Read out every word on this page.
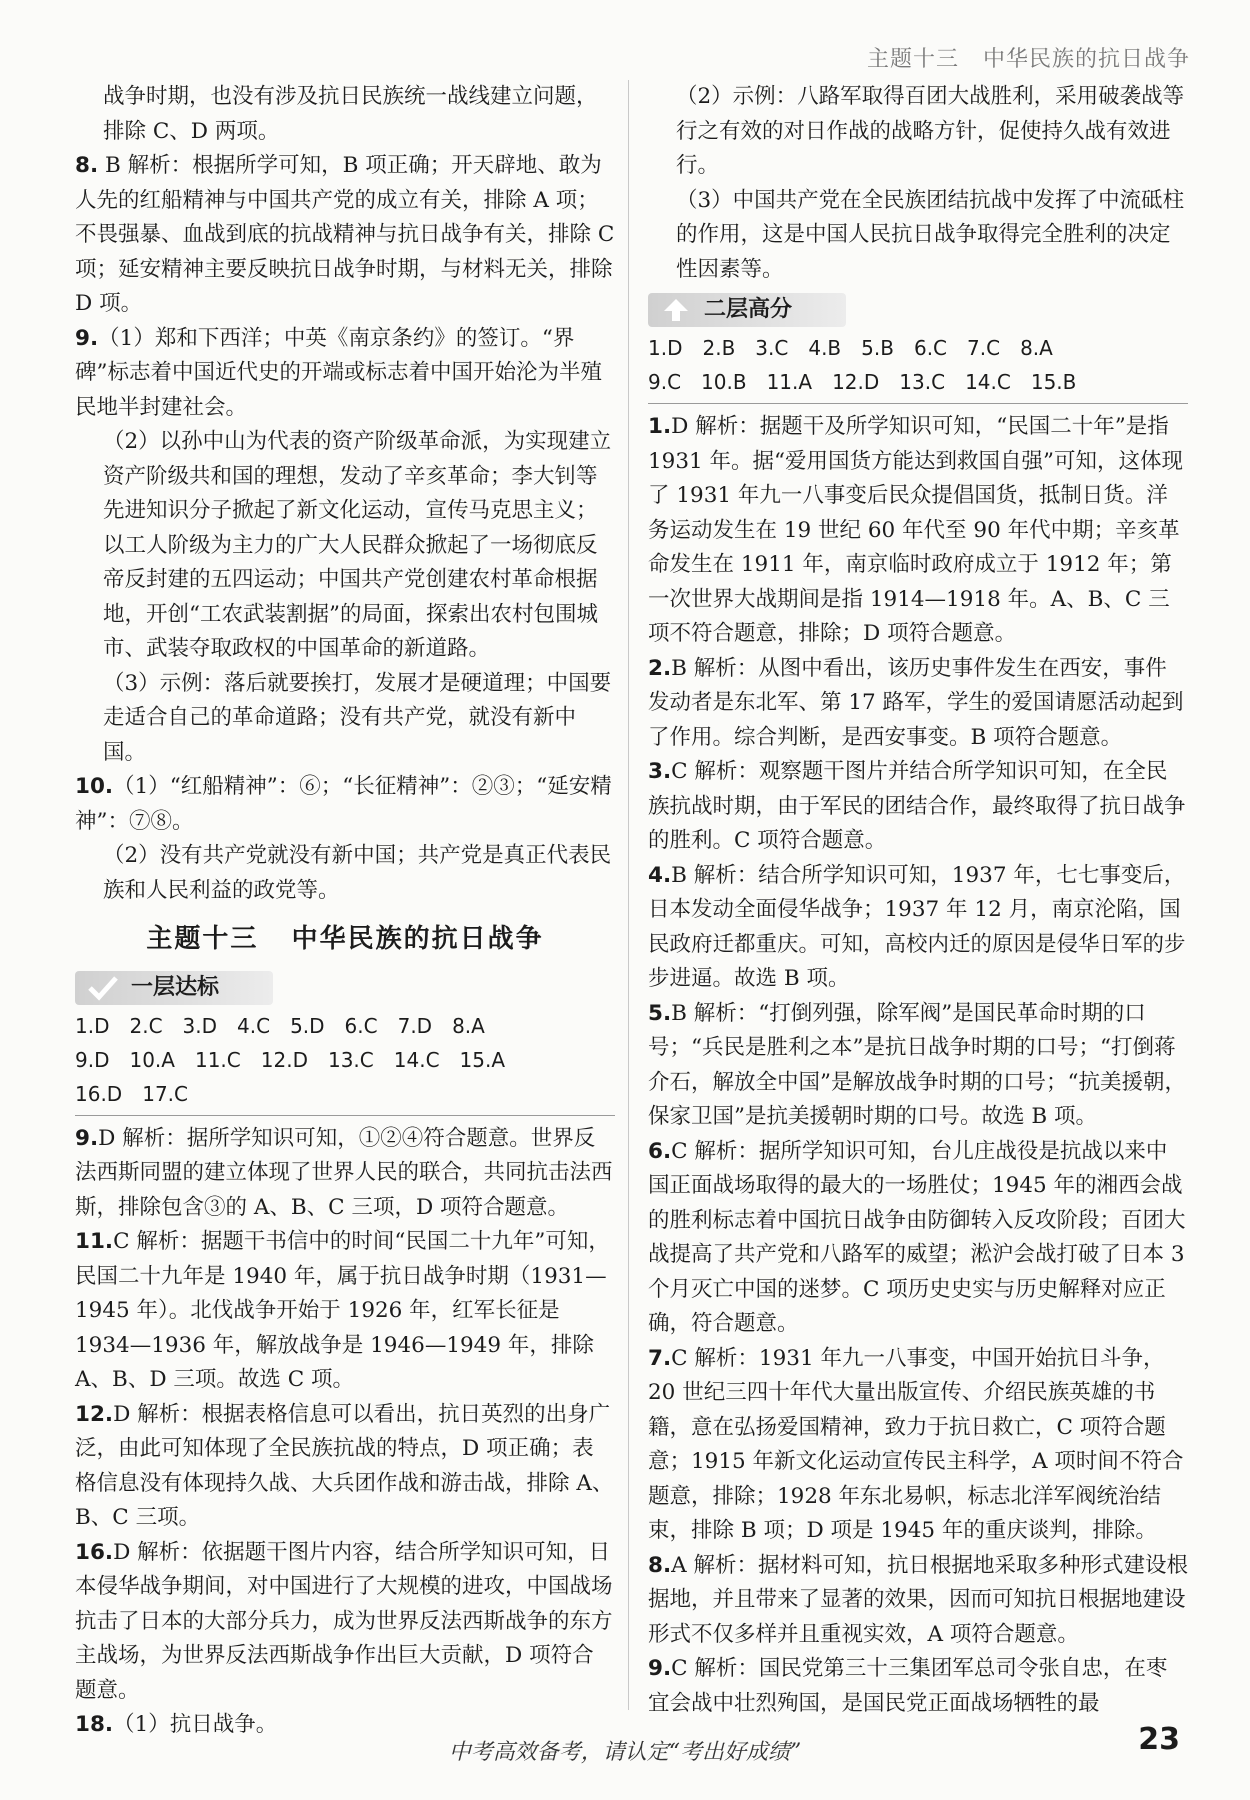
主题十三   中华民族的抗日战争

战争时期，也没有涉及抗日民族统一战线建立问题，排除 C、D 两项。

8. B 解析：根据所学可知，B 项正确；开天辟地、敢为人先的红船精神与中国共产党的成立有关，排除 A 项；不畏强暴、血战到底的抗战精神与抗日战争有关，排除 C 项；延安精神主要反映抗日战争时期，与材料无关，排除 D 项。

9.（1）郑和下西洋；中英《南京条约》的签订。“界碑”标志着中国近代史的开端或标志着中国开始沦为半殖民地半封建社会。

（2）以孙中山为代表的资产阶级革命派，为实现建立资产阶级共和国的理想，发动了辛亥革命；李大钊等先进知识分子掀起了新文化运动，宣传马克思主义；以工人阶级为主力的广大人民群众掀起了一场彻底反帝反封建的五四运动；中国共产党创建农村革命根据地，开创“工农武装割据”的局面，探索出农村包围城市、武装夺取政权的中国革命的新道路。

（3）示例：落后就要挨打，发展才是硬道理；中国要走适合自己的革命道路；没有共产党，就没有新中国。

10.（1）“红船精神”：⑥；“长征精神”：②③；“延安精神”：⑦⑧。

（2）没有共产党就没有新中国；共产党是真正代表民族和人民利益的政党等。

主题十三   中华民族的抗日战争
一层达标
1.D 2.C 3.D 4.C 5.D 6.C 7.D 8.A
9.D 10.A 11.C 12.D 13.C 14.C 15.A
16.D 17.C

9.D 解析：据所学知识可知，①②④符合题意。世界反法西斯同盟的建立体现了世界人民的联合，共同抗击法西斯，排除包含③的 A、B、C 三项，D 项符合题意。

11.C 解析：据题干书信中的时间“民国二十九年”可知，民国二十九年是 1940 年，属于抗日战争时期（1931—1945 年）。北伐战争开始于 1926 年，红军长征是 1934—1936 年，解放战争是 1946—1949 年，排除 A、B、D 三项。故选 C 项。

12.D 解析：根据表格信息可以看出，抗日英烈的出身广泛，由此可知体现了全民族抗战的特点，D 项正确；表格信息没有体现持久战、大兵团作战和游击战，排除 A、B、C 三项。

16.D 解析：依据题干图片内容，结合所学知识可知，日本侵华战争期间，对中国进行了大规模的进攻，中国战场抗击了日本的大部分兵力，成为世界反法西斯战争的东方主战场，为世界反法西斯战争作出巨大贡献，D 项符合题意。

18.（1）抗日战争。

（2）示例：八路军取得百团大战胜利，采用破袭战等行之有效的对日作战的战略方针，促使持久战有效进行。

（3）中国共产党在全民族团结抗战中发挥了中流砥柱的作用，这是中国人民抗日战争取得完全胜利的决定性因素等。

二层高分
1.D 2.B 3.C 4.B 5.B 6.C 7.C 8.A
9.C 10.B 11.A 12.D 13.C 14.C 15.B

1.D 解析：据题干及所学知识可知，“民国二十年”是指 1931 年。据“爱用国货方能达到救国自强”可知，这体现了 1931 年九一八事变后民众提倡国货，抵制日货。洋务运动发生在 19 世纪 60 年代至 90 年代中期；辛亥革命发生在 1911 年，南京临时政府成立于 1912 年；第一次世界大战期间是指 1914—1918 年。A、B、C 三项不符合题意，排除；D 项符合题意。

2.B 解析：从图中看出，该历史事件发生在西安，事件发动者是东北军、第 17 路军，学生的爱国请愿活动起到了作用。综合判断，是西安事变。B 项符合题意。

3.C 解析：观察题干图片并结合所学知识可知，在全民族抗战时期，由于军民的团结合作，最终取得了抗日战争的胜利。C 项符合题意。

4.B 解析：结合所学知识可知，1937 年，七七事变后，日本发动全面侵华战争；1937 年 12 月，南京沦陷，国民政府迁都重庆。可知，高校内迁的原因是侵华日军的步步进逼。故选 B 项。

5.B 解析：“打倒列强，除军阀”是国民革命时期的口号；“兵民是胜利之本”是抗日战争时期的口号；“打倒蒋介石，解放全中国”是解放战争时期的口号；“抗美援朝，保家卫国”是抗美援朝时期的口号。故选 B 项。

6.C 解析：据所学知识可知，台儿庄战役是抗战以来中国正面战场取得的最大的一场胜仗；1945 年的湘西会战的胜利标志着中国抗日战争由防御转入反攻阶段；百团大战提高了共产党和八路军的威望；淞沪会战打破了日本 3 个月灭亡中国的迷梦。C 项历史史实与历史解释对应正确，符合题意。

7.C 解析：1931 年九一八事变，中国开始抗日斗争，20 世纪三四十年代大量出版宣传、介绍民族英雄的书籍，意在弘扬爱国精神，致力于抗日救亡，C 项符合题意；1915 年新文化运动宣传民主科学，A 项时间不符合题意，排除；1928 年东北易帜，标志北洋军阀统治结束，排除 B 项；D 项是 1945 年的重庆谈判，排除。

8.A 解析：据材料可知，抗日根据地采取多种形式建设根据地，并且带来了显著的效果，因而可知抗日根据地建设形式不仅多样并且重视实效，A 项符合题意。

9.C 解析：国民党第三十三集团军总司令张自忠，在枣宜会战中壮烈殉国，是国民党正面战场牺牲的最

中考高效备考，请认定“考出好成绩”	23
